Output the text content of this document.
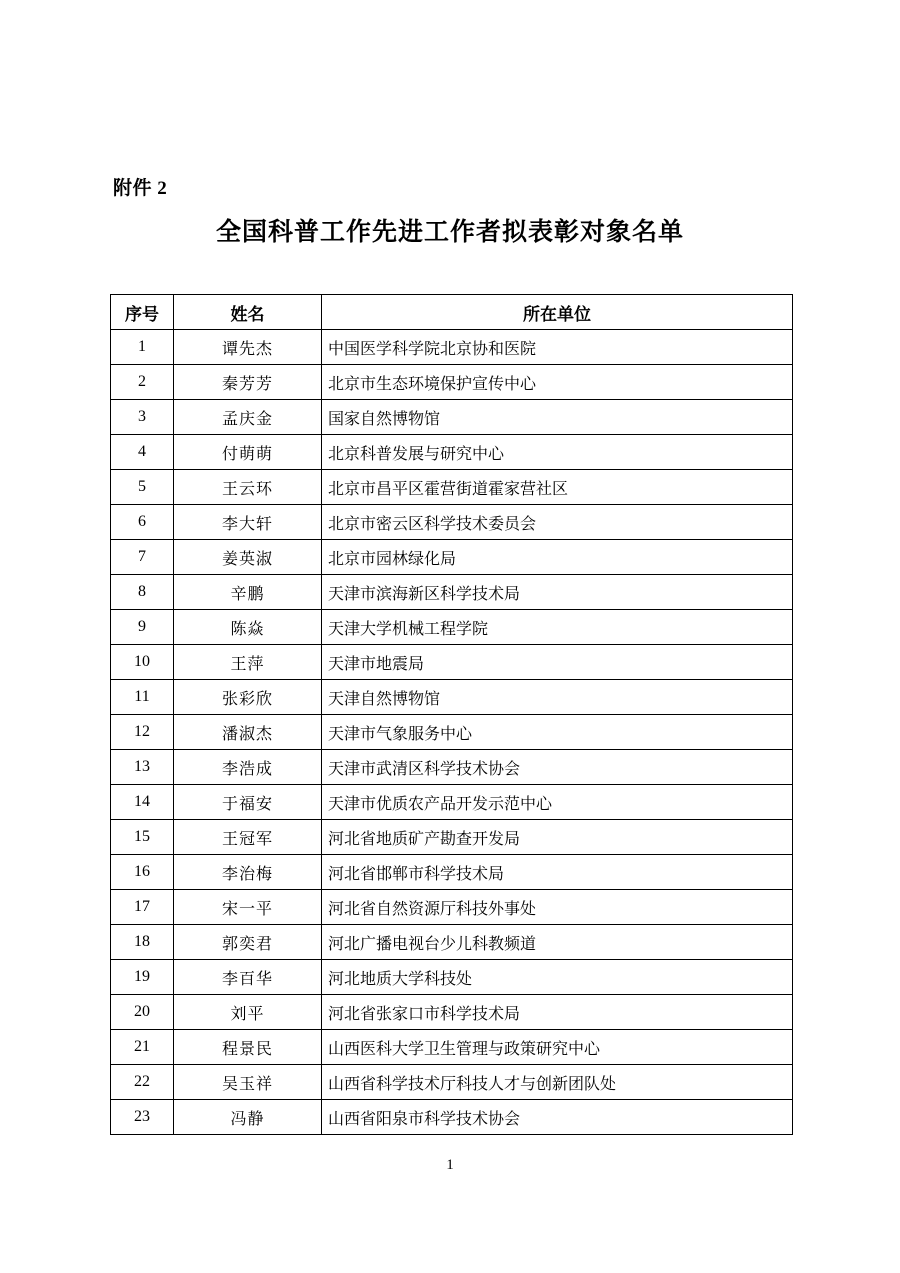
附件 2
全国科普工作先进工作者拟表彰对象名单
序号	姓名	所在单位
1	谭先杰	中国医学科学院北京协和医院
2	秦芳芳	北京市生态环境保护宣传中心
3	孟庆金	国家自然博物馆
4	付萌萌	北京科普发展与研究中心
5	王云环	北京市昌平区霍营街道霍家营社区
6	李大轩	北京市密云区科学技术委员会
7	姜英淑	北京市园林绿化局
8	辛鹏	天津市滨海新区科学技术局
9	陈焱	天津大学机械工程学院
10	王萍	天津市地震局
11	张彩欣	天津自然博物馆
12	潘淑杰	天津市气象服务中心
13	李浩成	天津市武清区科学技术协会
14	于福安	天津市优质农产品开发示范中心
15	王冠军	河北省地质矿产勘查开发局
16	李治梅	河北省邯郸市科学技术局
17	宋一平	河北省自然资源厅科技外事处
18	郭奕君	河北广播电视台少儿科教频道
19	李百华	河北地质大学科技处
20	刘平	河北省张家口市科学技术局
21	程景民	山西医科大学卫生管理与政策研究中心
22	吴玉祥	山西省科学技术厅科技人才与创新团队处
23	冯静	山西省阳泉市科学技术协会
1
